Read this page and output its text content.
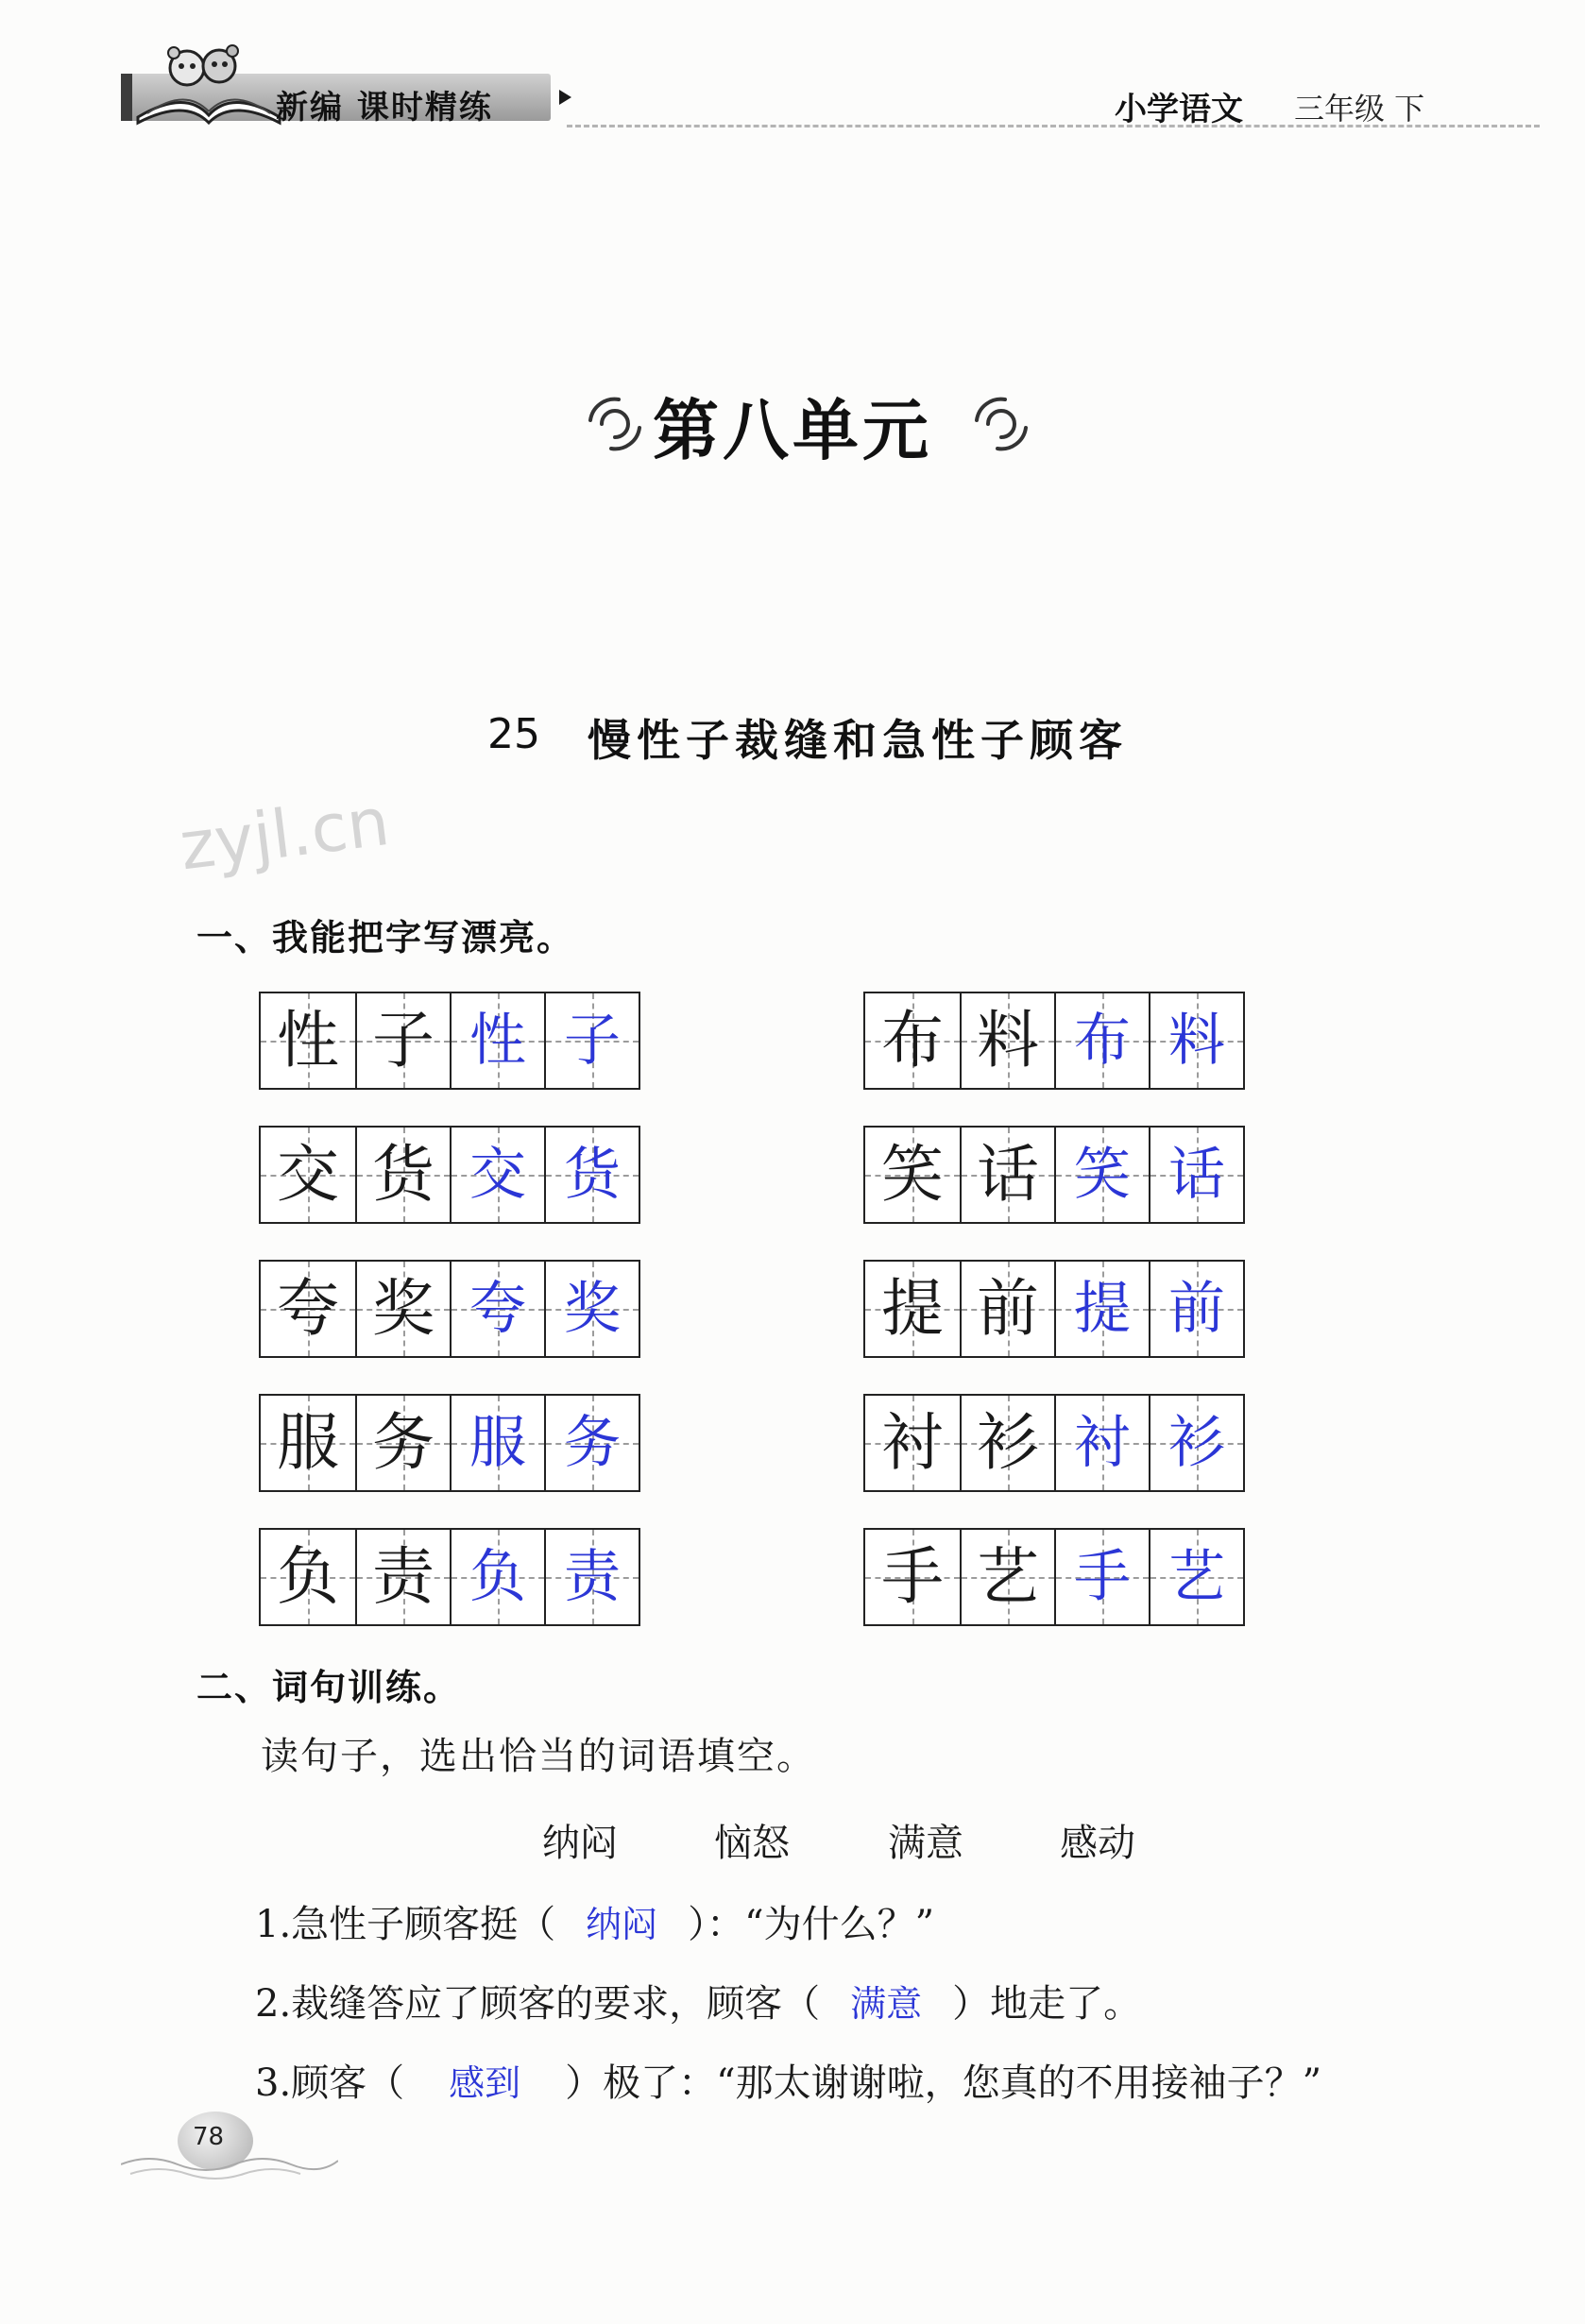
新编 课时精练	小学语文 三年级 下
第八单元
25 慢性子裁缝和急性子顾客
zyjl.cn
一、我能把字写漂亮。
性 子 性 子	布 料 布 料
交 货 交 货	笑 话 笑 话
夸 奖 夸 奖	提 前 提 前
服 务 服 务	衬 衫 衬 衫
负 责 负 责	手 艺 手 艺
二、词句训练。
读句子，选出恰当的词语填空。
纳闷	恼怒	满意	感动
1.急性子顾客挺（ 纳闷 ）：“为什么？”
2.裁缝答应了顾客的要求，顾客（ 满意 ）地走了。
3.顾客（ 感到 ）极了：“那太谢谢啦，您真的不用接袖子？”
78
